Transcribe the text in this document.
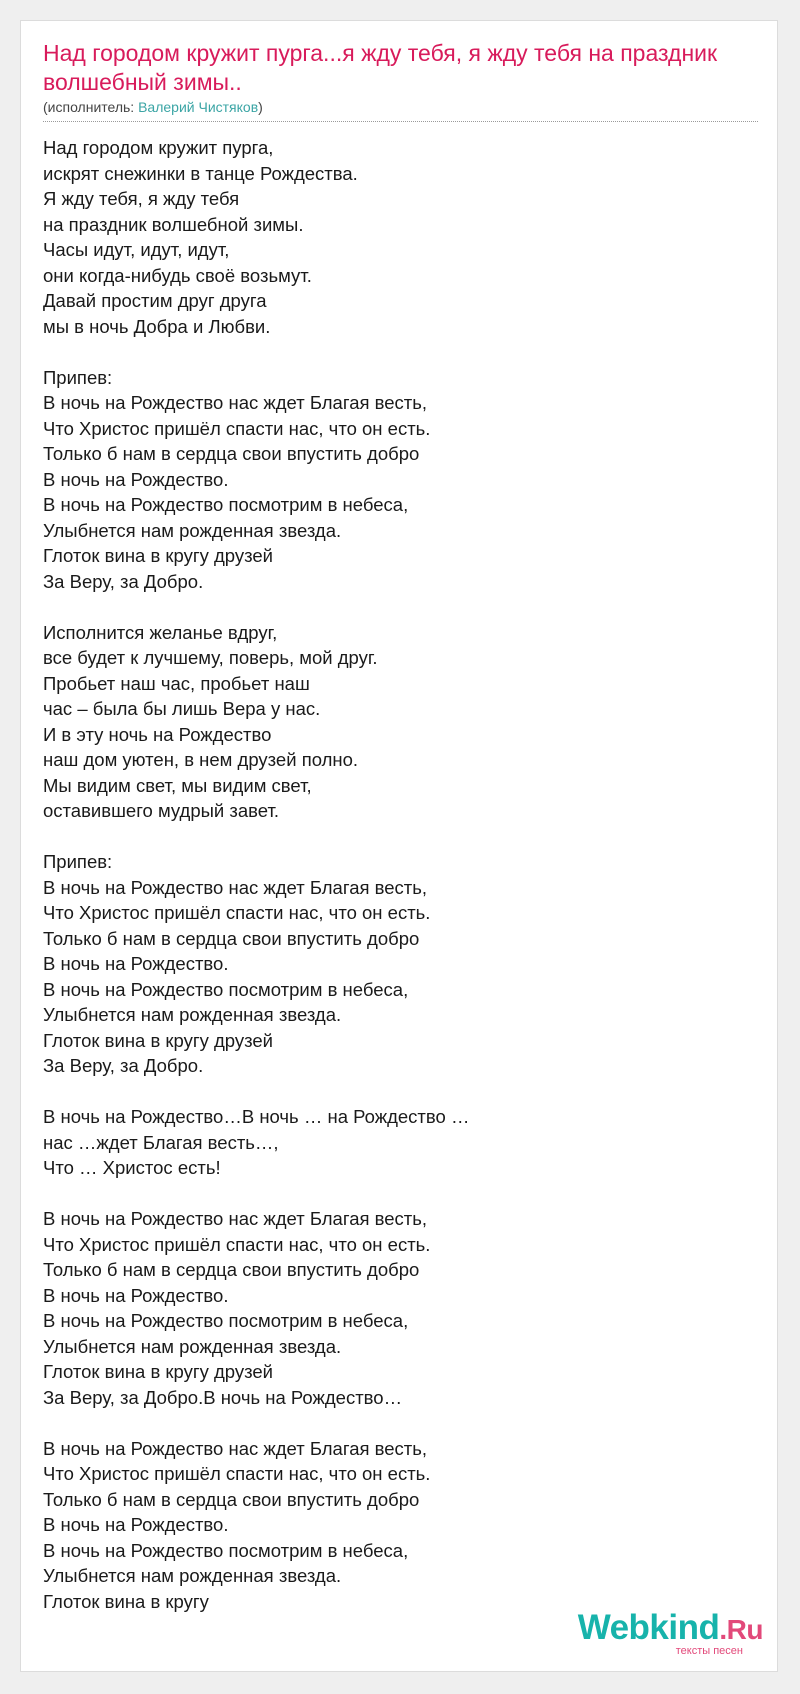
Над городом кружит пурга...я жду тебя, я жду тебя на праздник волшебный зимы..
(исполнитель: Валерий Чистяков)
Над городом кружит пурга,
искрят снежинки в танце Рождества.
Я жду тебя, я жду тебя
на праздник волшебной зимы.
Часы идут, идут, идут,
они когда-нибудь своё возьмут.
Давай простим друг друга
мы в ночь Добра и Любви.
Припев:
В ночь на Рождество нас ждет Благая весть,
Что Христос пришёл спасти нас, что он есть.
Только б нам в сердца свои впустить добро
В ночь на Рождество.
В ночь на Рождество посмотрим в небеса,
Улыбнется нам рожденная звезда.
Глоток вина в кругу друзей
За Веру, за Добро.
Исполнится желанье вдруг,
все будет к лучшему, поверь, мой друг.
Пробьет наш час, пробьет наш
час – была бы лишь Вера у нас.
И в эту ночь на Рождество
наш дом уютен, в нем друзей полно.
Мы видим свет, мы видим свет,
оставившего мудрый завет.
Припев:
В ночь на Рождество нас ждет Благая весть,
Что Христос пришёл спасти нас, что он есть.
Только б нам в сердца свои впустить добро
В ночь на Рождество.
В ночь на Рождество посмотрим в небеса,
Улыбнется нам рожденная звезда.
Глоток вина в кругу друзей
За Веру, за Добро.
В ночь на Рождество…В ночь … на Рождество …
нас …ждет Благая весть…,
Что … Христос есть!
В ночь на Рождество нас ждет Благая весть,
Что Христос пришёл спасти нас, что он есть.
Только б нам в сердца свои впустить добро
В ночь на Рождество.
В ночь на Рождество посмотрим в небеса,
Улыбнется нам рожденная звезда.
Глоток вина в кругу друзей
За Веру, за Добро.В ночь на Рождество…
В ночь на Рождество нас ждет Благая весть,
Что Христос пришёл спасти нас, что он есть.
Только б нам в сердца свои впустить добро
В ночь на Рождество.
В ночь на Рождество посмотрим в небеса,
Улыбнется нам рожденная звезда.
Глоток вина в кругу
Webkind.Ru
тексты песен
